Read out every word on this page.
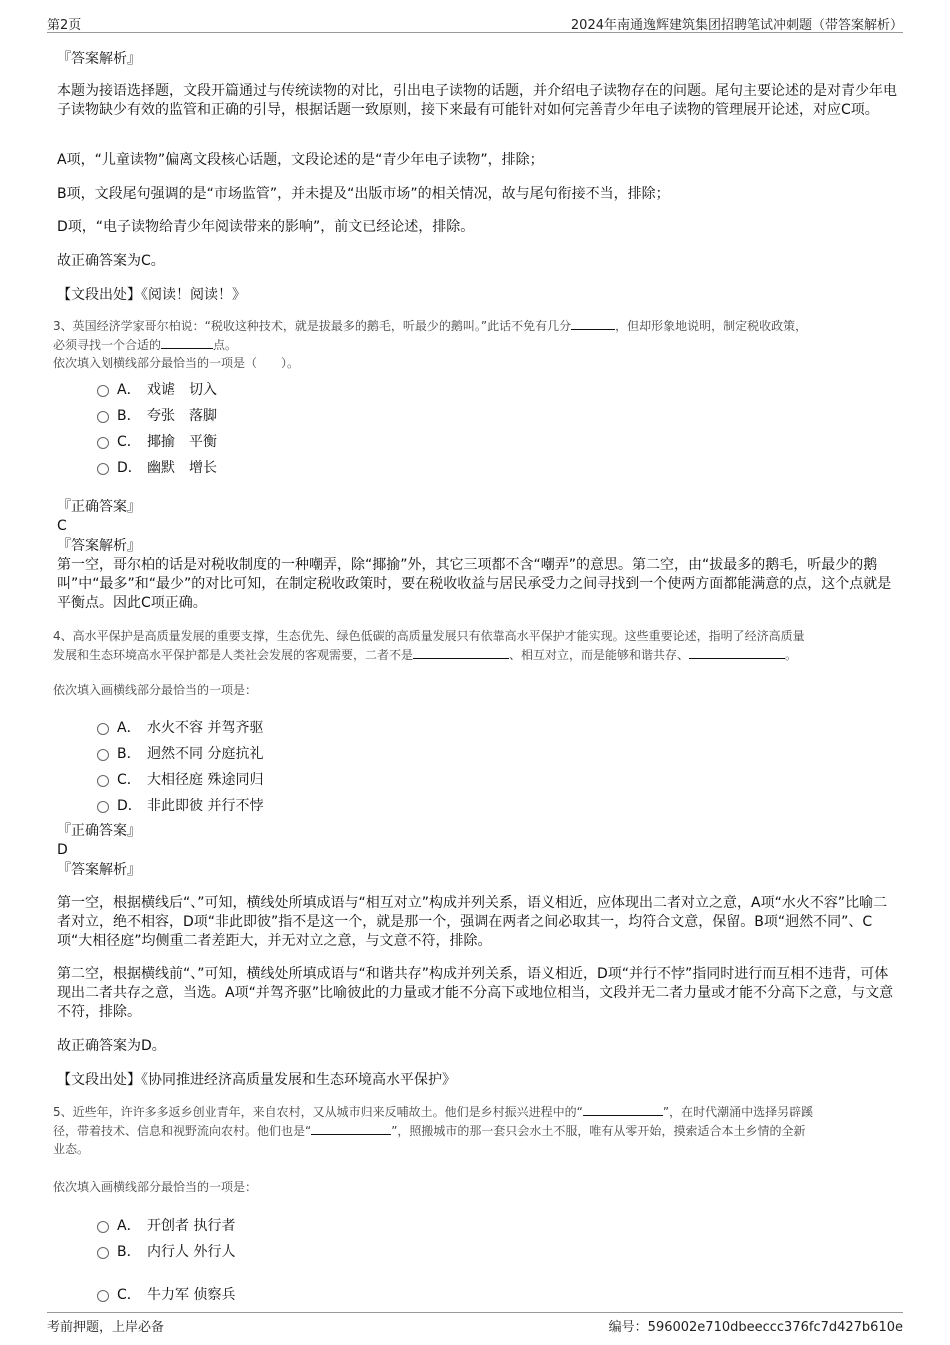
第2页	2024年南通逸辉建筑集团招聘笔试冲刺题（带答案解析）

『答案解析』

本题为接语选择题，文段开篇通过与传统读物的对比，引出电子读物的话题，并介绍电子读物存在的问题。尾句主要论述的是对青少年电子读物缺少有效的监管和正确的引导，根据话题一致原则，接下来最有可能针对如何完善青少年电子读物的管理展开论述，对应C项。

A项，“儿童读物”偏离文段核心话题，文段论述的是“青少年电子读物”，排除；

B项，文段尾句强调的是“市场监管”，并未提及“出版市场”的相关情况，故与尾句衔接不当，排除；

D项，“电子读物给青少年阅读带来的影响”，前文已经论述，排除。

故正确答案为C。

【文段出处】《阅读！阅读！》

3、英国经济学家哥尔柏说：“税收这种技术，就是拔最多的鹅毛，听最少的鹅叫。”此话不免有几分	，但却形象地说明，制定税收政策，
必须寻找一个合适的	点。
依次填入划横线部分最恰当的一项是（　　）。
A． 戏谑　切入
B． 夸张　落脚
C． 揶揄　平衡
D． 幽默　增长

『正确答案』

C

『答案解析』

第一空，哥尔柏的话是对税收制度的一种嘲弄，除“揶揄”外，其它三项都不含“嘲弄”的意思。第二空，由“拔最多的鹅毛，听最少的鹅叫”中“最多”和“最少”的对比可知，在制定税收政策时，要在税收收益与居民承受力之间寻找到一个使两方面都能满意的点，这个点就是平衡点。因此C项正确。

4、高水平保护是高质量发展的重要支撑，生态优先、绿色低碳的高质量发展只有依靠高水平保护才能实现。这些重要论述，指明了经济高质量
发展和生态环境高水平保护都是人类社会发展的客观需要，二者不是	、相互对立，而是能够和谐共存、	。
依次填入画横线部分最恰当的一项是：
A． 水火不容 并驾齐驱
B． 迥然不同 分庭抗礼
C． 大相径庭 殊途同归
D． 非此即彼 并行不悖

『正确答案』

D

『答案解析』

第一空，根据横线后“、”可知，横线处所填成语与“相互对立”构成并列关系，语义相近，应体现出二者对立之意，A项“水火不容”比喻二者对立，绝不相容，D项“非此即彼”指不是这一个，就是那一个，强调在两者之间必取其一，均符合文意，保留。B项“迥然不同”、C项“大相径庭”均侧重二者差距大，并无对立之意，与文意不符，排除。

第二空，根据横线前“、”可知，横线处所填成语与“和谐共存”构成并列关系，语义相近，D项“并行不悖”指同时进行而互相不违背，可体现出二者共存之意，当选。A项“并驾齐驱”比喻彼此的力量或才能不分高下或地位相当，文段并无二者力量或才能不分高下之意，与文意不符，排除。

故正确答案为D。

【文段出处】《协同推进经济高质量发展和生态环境高水平保护》

5、近些年，许许多多返乡创业青年，来自农村，又从城市归来反哺故土。他们是乡村振兴进程中的“	”，在时代潮涌中选择另辟蹊
径，带着技术、信息和视野流向农村。他们也是“	”，照搬城市的那一套只会水土不服，唯有从零开始，摸索适合本土乡情的全新
业态。
依次填入画横线部分最恰当的一项是：
A． 开创者 执行者
B． 内行人 外行人
C． 牛力军 侦察兵
考前押题，上岸必备	编号：596002e710dbeeccc376fc7d427b610e
